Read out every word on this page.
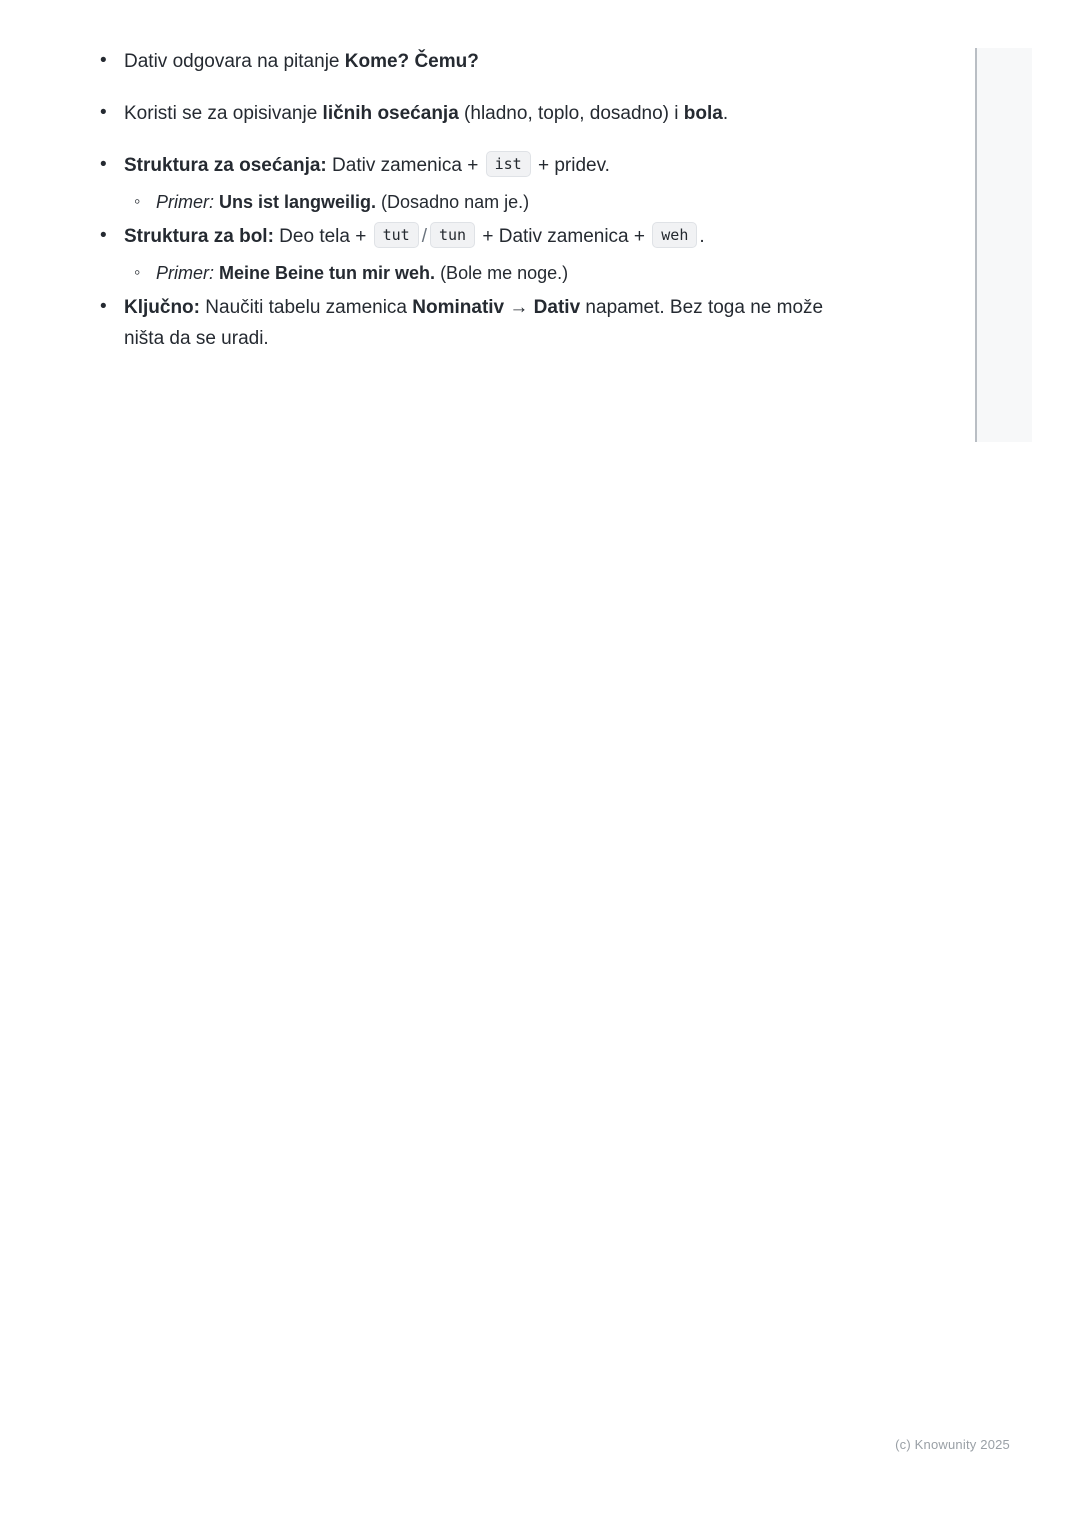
• Dativ odgovara na pitanje Kome? Čemu?
• Koristi se za opisivanje ličnih osećanja (hladno, toplo, dosadno) i bola.
• Struktura za osećanja: Dativ zamenica + ist + pridev.
◦ Primer: Uns ist langweilig. (Dosadno nam je.)
• Struktura za bol: Deo tela + tut / tun + Dativ zamenica + weh .
◦ Primer: Meine Beine tun mir weh. (Bole me noge.)
• Ključno: Naučiti tabelu zamenica Nominativ → Dativ napamet. Bez toga ne može ništa da se uradi.
(c) Knowunity 2025
